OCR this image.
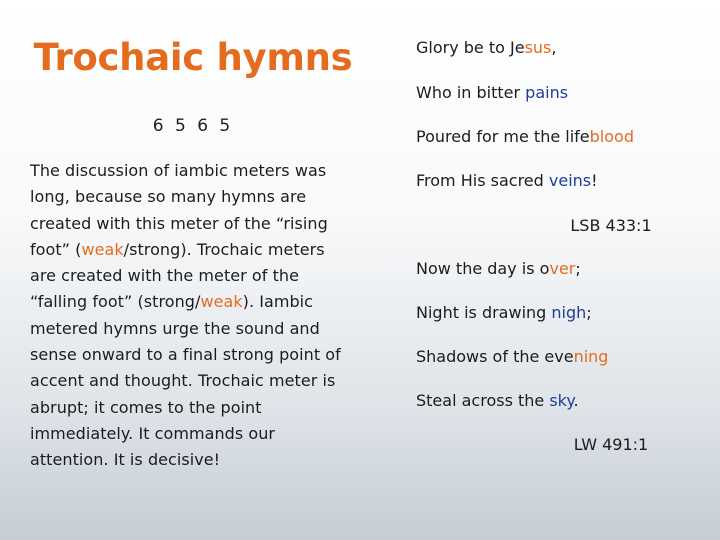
Trochaic hymns
6 5 6 5
The discussion of iambic meters was long, because so many hymns are created with this meter of the “rising foot” (weak/strong). Trochaic meters are created with the meter of the “falling foot” (strong/weak). Iambic metered hymns urge the sound and sense onward to a final strong point of accent and thought. Trochaic meter is abrupt; it comes to the point immediately. It commands our attention. It is decisive!
Glory be to Jesus,
Who in bitter pains
Poured for me the lifeblood
From His sacred veins!
LSB 433:1
Now the day is over;
Night is drawing nigh;
Shadows of the evening
Steal across the sky.
LW 491:1
